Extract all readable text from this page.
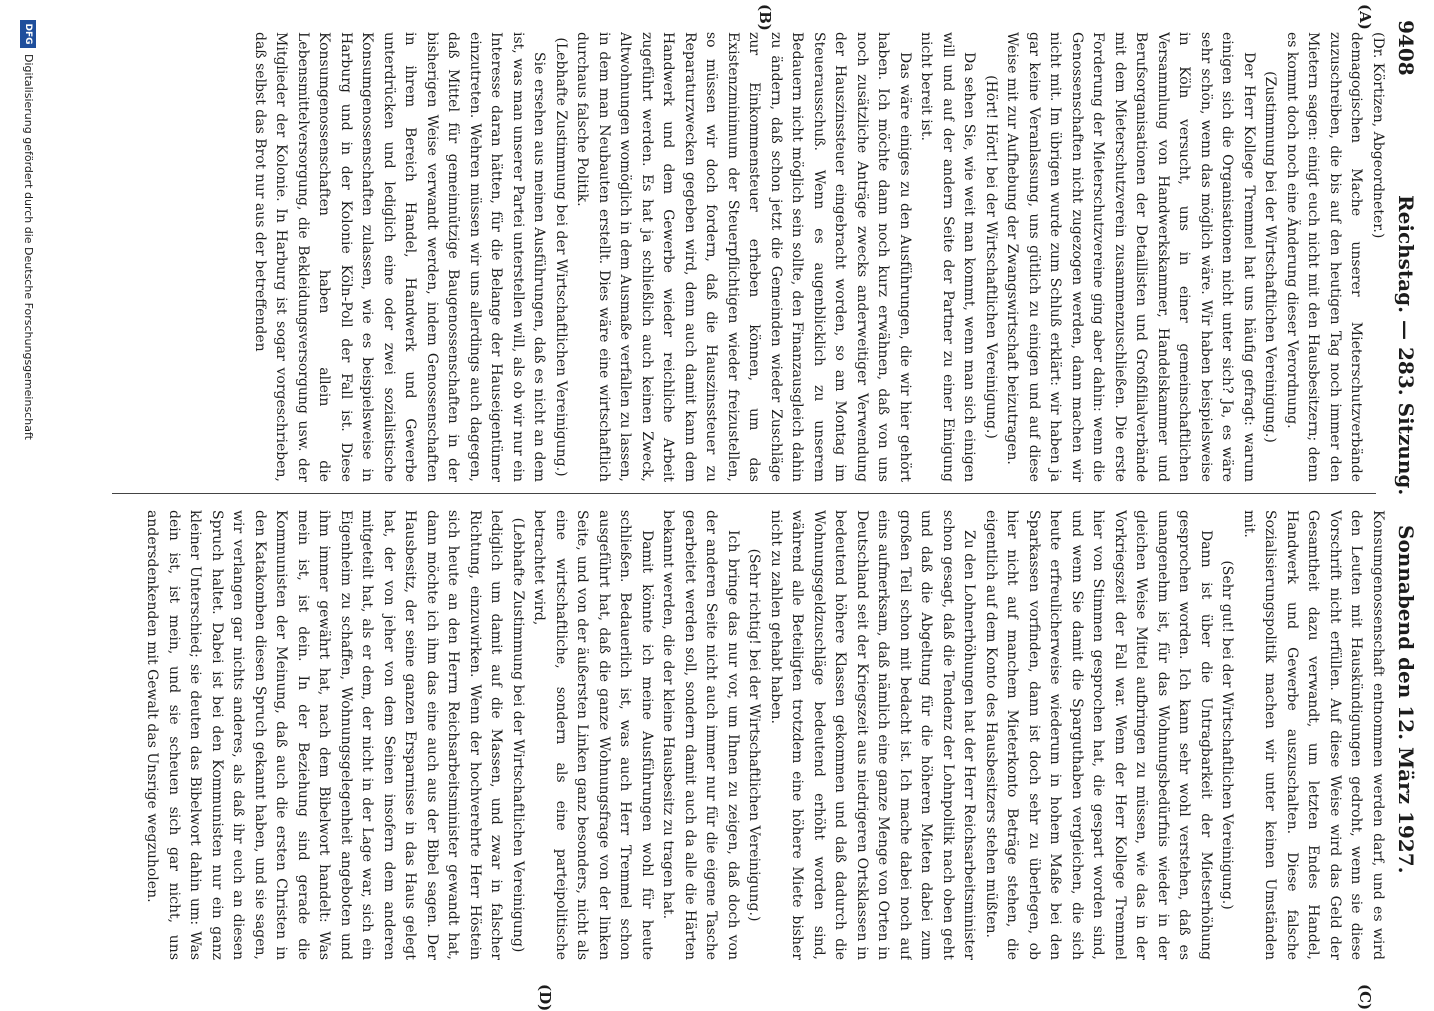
9408
Reichstag. — 283. Sitzung.
Sonnabend den 12. März 1927.
(A)
(B)
(C)
(D)

(Dr. Körtizen, Abgeordneter.)

demagogischen Mache unserer Mieterschutzverbände zuzuschreiben, die bis auf den heutigen Tag noch immer den Mietern sagen: einigt euch nicht mit den Hausbesitzern; denn es kommt doch noch eine Änderung dieser Verordnung.

(Zustimmung bei der Wirtschaftlichen Vereinigung.)

Der Herr Kollege Tremmel hat uns häufig gefragt: warum einigen sich die Organisationen nicht unter sich? Ja, es wäre sehr schön, wenn das möglich wäre. Wir haben beispielsweise in Köln versucht, uns in einer gemeinschaftlichen Versammlung von Handwerkskammer, Handelskammer und Berufsorganisationen der Detaillisten und Großfilialverbände mit dem Mieterschutzverein zusammenzuschließen. Die erste Forderung der Mieterschutzvereine ging aber dahin: wenn die Genossenschaften nicht zugezogen werden, dann machen wir nicht mit. Im übrigen wurde zum Schluß erklärt: wir haben ja gar keine Veranlassung, uns gütlich zu einigen und auf diese Weise mit zur Aufhebung der Zwangswirtschaft beizutragen.

(Hört! Hört! bei der Wirtschaftlichen Vereinigung.)

Da sehen Sie, wie weit man kommt, wenn man sich einigen will und auf der andern Seite der Partner zu einer Einigung nicht bereit ist.

Das wäre einiges zu den Ausführungen, die wir hier gehört haben. Ich möchte dann noch kurz erwähnen, daß von uns noch zusätzliche Anträge zwecks anderweitiger Verwendung der Hauszinssteuer eingebracht worden, so am Montag im Steuerausschuß. Wenn es augenblicklich zu unserem Bedauern nicht möglich sein sollte, den Finanzausgleich dahin zu ändern, daß schon jetzt die Gemeinden wieder Zuschläge zur Einkommensteuer erheben können, um das Existenzminimum der Steuerpflichtigen wieder freizustellen, so müssen wir doch fordern, daß die Hauszinssteuer zu Reparaturzwecken gegeben wird, denn auch damit kann dem Handwerk und dem Gewerbe wieder reichliche Arbeit zugeführt werden. Es hat ja schließlich auch keinen Zweck, Altwohnungen womöglich in dem Ausmaße verfallen zu lassen, in dem man Neubauten erstellt. Dies wäre eine wirtschaftlich durchaus falsche Politik.

(Lebhafte Zustimmung bei der Wirtschaftlichen Vereinigung.)

Sie ersehen aus meinen Ausführungen, daß es nicht an dem ist, was man unserer Partei unterstellen will, als ob wir nur ein Interesse daran hätten, für die Belange der Hauseigentümer einzutreten. Wehren müssen wir uns allerdings auch dagegen, daß Mittel für gemeinnützige Baugenossenschaften in der bisherigen Weise verwandt werden, indem Genossenschaften in ihrem Bereich Handel, Handwerk und Gewerbe unterdrücken und lediglich eine oder zwei sozialistische Konsumgenossenschaften zulassen, wie es beispielsweise in Harburg und in der Kolonie Köln-Poll der Fall ist. Diese Konsumgenossenschaften haben allein die Lebensmittelversorgung, die Bekleidungsversorgung usw. der Mitglieder der Kolonie. In Harburg ist sogar vorgeschrieben, daß selbst das Brot nur aus der betreffenden

Konsumgenossenschaft entnommen werden darf, und es wird den Leuten mit Hauskündigungen gedroht, wenn sie diese Vorschrift nicht erfüllen. Auf diese Weise wird das Geld der Gesamtheit dazu verwandt, um letzten Endes Handel, Handwerk und Gewerbe auszuschalten. Diese falsche Sozialisierungspolitik machen wir unter keinen Umständen mit.

(Sehr gut! bei der Wirtschaftlichen Vereinigung.)

Dann ist über die Untragbarkeit der Mietserhöhung gesprochen worden. Ich kann sehr wohl verstehen, daß es unangenehm ist, für das Wohnungsbedürfnis wieder in der gleichen Weise Mittel aufbringen zu müssen, wie das in der Vorkriegszeit der Fall war. Wenn der Herr Kollege Tremmel hier von Stimmen gesprochen hat, die gespart worden sind, und wenn Sie damit die Sparguthaben vergleichen, die sich heute erfreulicherweise wiederum in hohem Maße bei den Sparkassen vorfinden, dann ist doch sehr zu überlegen, ob hier nicht auf manchem Mieterkonto Beträge stehen, die eigentlich auf dem Konto des Hausbesitzers stehen müßten.

Zu den Lohnerhöhungen hat der Herr Reichsarbeitsminister schon gesagt, daß die Tendenz der Lohnpolitik nach oben geht und daß die Abgeltung für die höheren Mieten dabei zum großen Teil schon mit bedacht ist. Ich mache dabei noch auf eins aufmerksam, daß nämlich eine ganze Menge von Orten in Deutschland seit der Kriegszeit aus niedrigeren Ortsklassen in bedeutend höhere Klassen gekommen und daß dadurch die Wohnungsgeldzuschläge bedeutend erhöht worden sind, während alle Beteiligten trotzdem eine höhere Miete bisher nicht zu zahlen gehabt haben.

(Sehr richtig! bei der Wirtschaftlichen Vereinigung.)

Ich bringe das nur vor, um Ihnen zu zeigen, daß doch von der anderen Seite nicht auch immer nur für die eigene Tasche gearbeitet werden soll, sondern damit auch da alle die Härten bekannt werden, die der kleine Hausbesitz zu tragen hat.

Damit könnte ich meine Ausführungen wohl für heute schließen. Bedauerlich ist, was auch Herr Tremmel schon ausgeführt hat, daß die ganze Wohnungsfrage von der linken Seite, und von der äußersten Linken ganz besonders, nicht als eine wirtschaftliche, sondern als eine parteipolitische betrachtet wird,

(Lebhafte Zustimmung bei der Wirtschaftlichen Vereinigung)

lediglich um damit auf die Massen, und zwar in falscher Richtung, einzuwirken. Wenn der hochverehrte Herr Höstein sich heute an den Herrn Reichsarbeitsminister gewandt hat, dann möchte ich ihm das eine auch aus der Bibel sagen. Der Hausbesitz, der seine ganzen Ersparnisse in das Haus gelegt hat, der von jeher von dem Seinen insofern dem anderen mitgeteilt hat, als er dem, der nicht in der Lage war, sich ein Eigenheim zu schaffen, Wohnungsgelegenheit angeboten und ihm immer gewährt hat, nach dem Bibelwort handelt: Was mein ist, ist dein. In der Beziehung sind gerade die Kommunisten der Meinung, daß auch die ersten Christen in den Katakomben diesen Spruch gekannt haben, und sie sagen, wir verlangen gar nichts anderes, als daß ihr euch an diesen Spruch haltet. Dabei ist bei den Kommunisten nur ein ganz kleiner Unterschied; sie deuten das Bibelwort dahin um: Was dein ist, ist mein, und sie scheuen sich gar nicht, uns andersdenkenden mit Gewalt das Unsrige wegzuholen.

DFG
Digitalisierung gefördert durch die Deutsche Forschungsgemeinschaft
